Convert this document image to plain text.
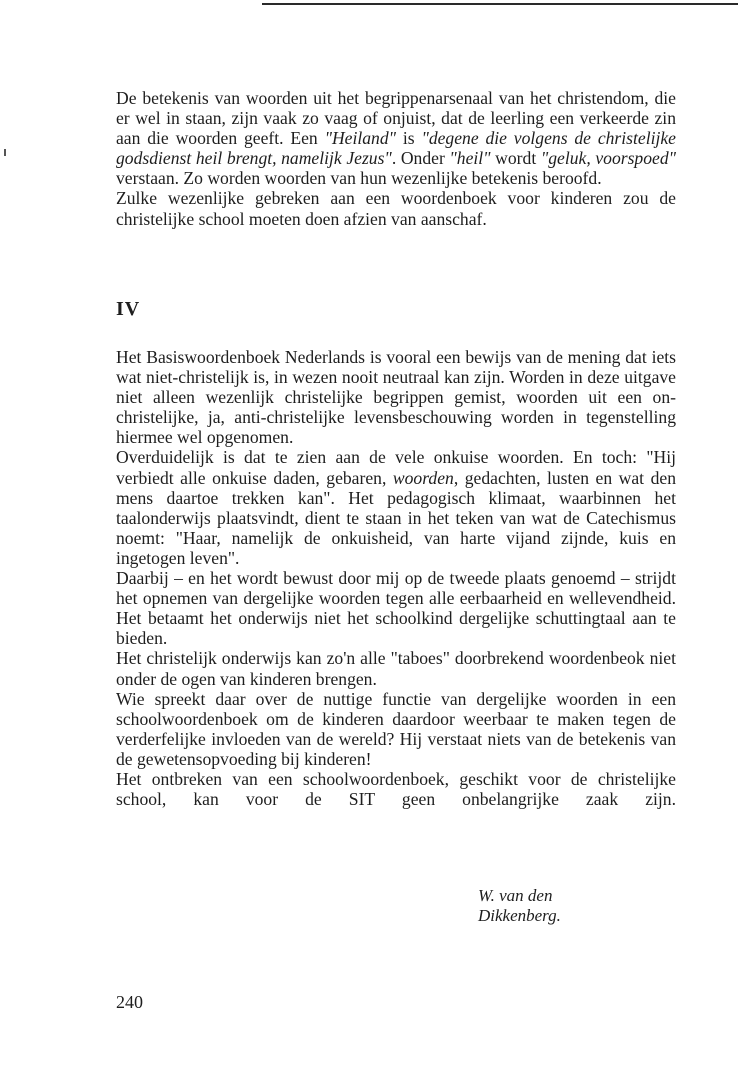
De betekenis van woorden uit het begrippenarsenaal van het christendom, die er wel in staan, zijn vaak zo vaag of onjuist, dat de leerling een verkeerde zin aan die woorden geeft. Een "Heiland" is "degene die volgens de christelijke godsdienst heil brengt, namelijk Jezus". Onder "heil" wordt "geluk, voorspoed" verstaan. Zo worden woorden van hun wezenlijke betekenis beroofd.

Zulke wezenlijke gebreken aan een woordenboek voor kinderen zou de christelijke school moeten doen afzien van aanschaf.

IV

Het Basiswoordenboek Nederlands is vooral een bewijs van de mening dat iets wat niet-christelijk is, in wezen nooit neutraal kan zijn. Worden in deze uitgave niet alleen wezenlijk christelijke begrippen gemist, woorden uit een on-christelijke, ja, anti-christelijke levensbeschouwing worden in tegenstelling hiermee wel opgenomen.

Overduidelijk is dat te zien aan de vele onkuise woorden. En toch: "Hij verbiedt alle onkuise daden, gebaren, woorden, gedachten, lusten en wat den mens daartoe trekken kan". Het pedagogisch klimaat, waarbinnen het taalonderwijs plaatsvindt, dient te staan in het teken van wat de Catechismus noemt: "Haar, namelijk de onkuisheid, van harte vijand zijnde, kuis en ingetogen leven".

Daarbij – en het wordt bewust door mij op de tweede plaats genoemd – strijdt het opnemen van dergelijke woorden tegen alle eerbaarheid en wellevendheid. Het betaamt het onderwijs niet het schoolkind dergelijke schuttingtaal aan te bieden.

Het christelijk onderwijs kan zo'n alle "taboes" doorbrekend woordenbeok niet onder de ogen van kinderen brengen.

Wie spreekt daar over de nuttige functie van dergelijke woorden in een schoolwoordenboek om de kinderen daardoor weerbaar te maken tegen de verderfelijke invloeden van de wereld? Hij verstaat niets van de betekenis van de gewetensopvoeding bij kinderen!

Het ontbreken van een schoolwoordenboek, geschikt voor de christelijke school, kan voor de SIT geen onbelangrijke zaak zijn.

W. van den Dikkenberg.

240
